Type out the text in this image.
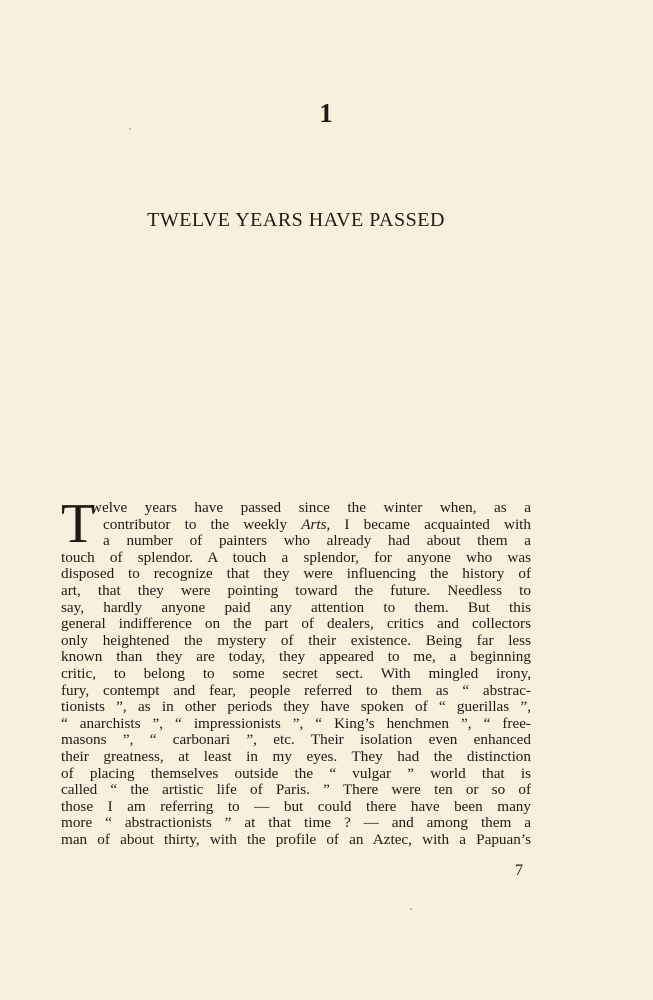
1
TWELVE YEARS HAVE PASSED
T
welve years have passed since the winter when, as a
contributor to the weekly Arts, I became acquainted with
a number of painters who already had about them a
touch of splendor. A touch a splendor, for anyone who was
disposed to recognize that they were influencing the history of
art, that they were pointing toward the future. Needless to
say, hardly anyone paid any attention to them. But this
general indifference on the part of dealers, critics and collectors
only heightened the mystery of their existence. Being far less
known than they are today, they appeared to me, a beginning
critic, to belong to some secret sect. With mingled irony,
fury, contempt and fear, people referred to them as “ abstrac-
tionists ”, as in other periods they have spoken of “ guerillas ”,
“ anarchists ”, “ impressionists ”, “ King’s henchmen ”, “ free-
masons ”, “ carbonari ”, etc. Their isolation even enhanced
their greatness, at least in my eyes. They had the distinction
of placing themselves outside the “ vulgar ” world that is
called “ the artistic life of Paris. ” There were ten or so of
those I am referring to — but could there have been many
more “ abstractionists ” at that time ? — and among them a
man of about thirty, with the profile of an Aztec, with a Papuan’s
7
